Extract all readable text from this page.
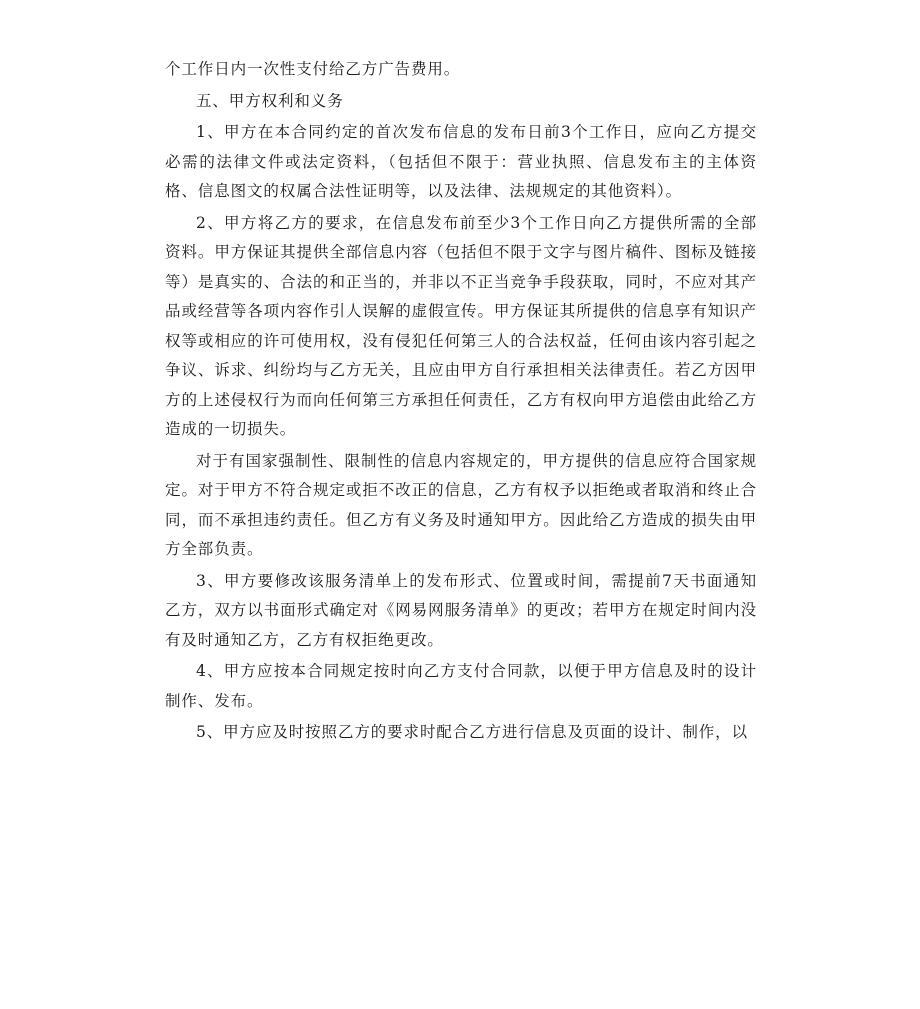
个工作日内一次性支付给乙方广告费用。

五、甲方权利和义务

1、甲方在本合同约定的首次发布信息的发布日前3个工作日，应向乙方提交必需的法律文件或法定资料，（包括但不限于：营业执照、信息发布主的主体资格、信息图文的权属合法性证明等，以及法律、法规规定的其他资料）。

2、甲方将乙方的要求，在信息发布前至少3个工作日向乙方提供所需的全部资料。甲方保证其提供全部信息内容（包括但不限于文字与图片稿件、图标及链接等）是真实的、合法的和正当的，并非以不正当竞争手段获取，同时，不应对其产品或经营等各项内容作引人误解的虚假宣传。甲方保证其所提供的信息享有知识产权等或相应的许可使用权，没有侵犯任何第三人的合法权益，任何由该内容引起之争议、诉求、纠纷均与乙方无关，且应由甲方自行承担相关法律责任。若乙方因甲方的上述侵权行为而向任何第三方承担任何责任，乙方有权向甲方追偿由此给乙方造成的一切损失。

对于有国家强制性、限制性的信息内容规定的，甲方提供的信息应符合国家规定。对于甲方不符合规定或拒不改正的信息，乙方有权予以拒绝或者取消和终止合同，而不承担违约责任。但乙方有义务及时通知甲方。因此给乙方造成的损失由甲方全部负责。

3、甲方要修改该服务清单上的发布形式、位置或时间，需提前7天书面通知乙方，双方以书面形式确定对《网易网服务清单》的更改；若甲方在规定时间内没有及时通知乙方，乙方有权拒绝更改。

4、甲方应按本合同规定按时向乙方支付合同款，以便于甲方信息及时的设计制作、发布。

5、甲方应及时按照乙方的要求时配合乙方进行信息及页面的设计、制作，以
